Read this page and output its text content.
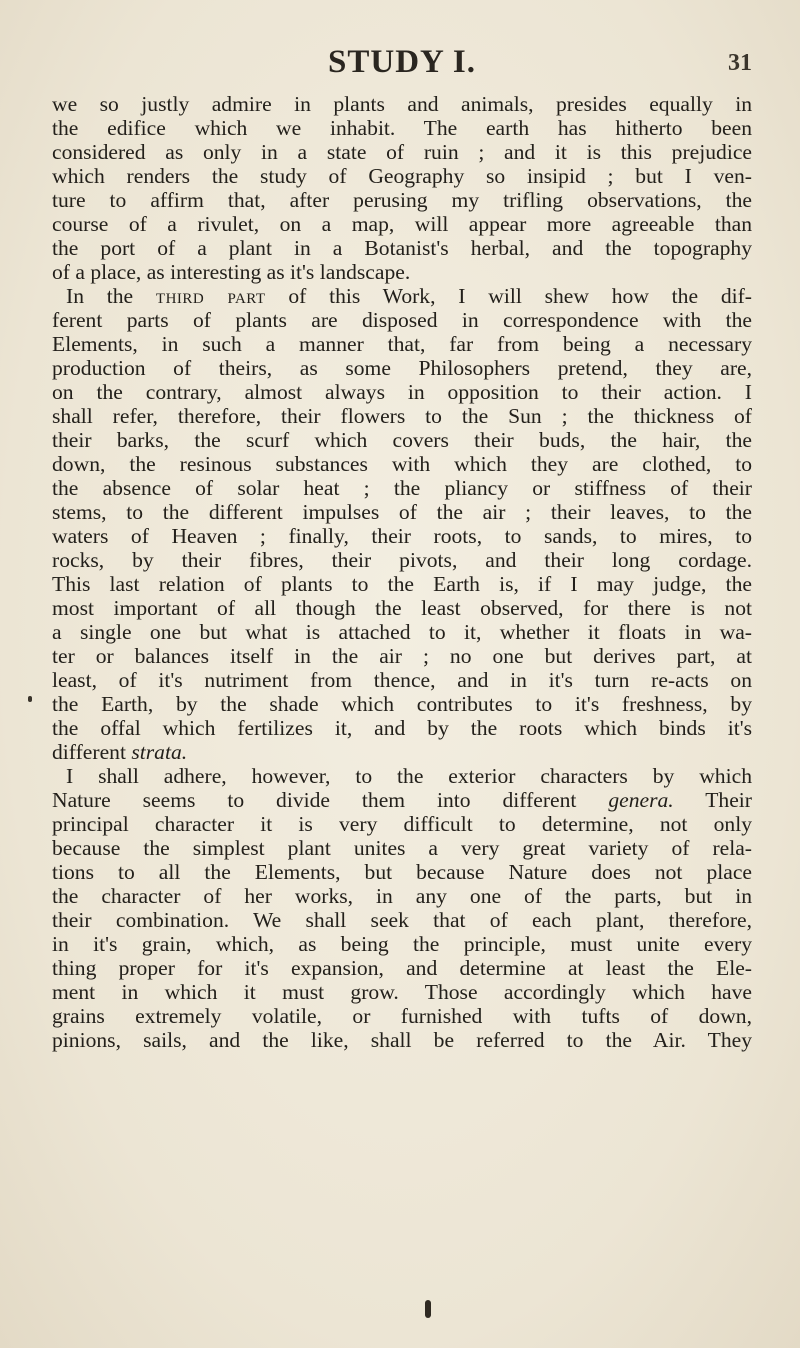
STUDY I.	31
we so justly admire in plants and animals, presides equally in
the edifice which we inhabit. The earth has hitherto been
considered as only in a state of ruin ; and it is this prejudice
which renders the study of Geography so insipid ; but I ven-
ture to affirm that, after perusing my trifling observations, the
course of a rivulet, on a map, will appear more agreeable than
the port of a plant in a Botanist's herbal, and the topography
of a place, as interesting as it's landscape.
In the third part of this Work, I will shew how the dif-
ferent parts of plants are disposed in correspondence with the
Elements, in such a manner that, far from being a necessary
production of theirs, as some Philosophers pretend, they are,
on the contrary, almost always in opposition to their action. I
shall refer, therefore, their flowers to the Sun ; the thickness of
their barks, the scurf which covers their buds, the hair, the
down, the resinous substances with which they are clothed, to
the absence of solar heat ; the pliancy or stiffness of their
stems, to the different impulses of the air ; their leaves, to the
waters of Heaven ; finally, their roots, to sands, to mires, to
rocks, by their fibres, their pivots, and their long cordage.
This last relation of plants to the Earth is, if I may judge, the
most important of all though the least observed, for there is not
a single one but what is attached to it, whether it floats in wa-
ter or balances itself in the air ; no one but derives part, at
least, of it's nutriment from thence, and in it's turn re-acts on
the Earth, by the shade which contributes to it's freshness, by
the offal which fertilizes it, and by the roots which binds it's
different strata.
I shall adhere, however, to the exterior characters by which
Nature seems to divide them into different genera. Their
principal character it is very difficult to determine, not only
because the simplest plant unites a very great variety of rela-
tions to all the Elements, but because Nature does not place
the character of her works, in any one of the parts, but in
their combination. We shall seek that of each plant, therefore,
in it's grain, which, as being the principle, must unite every
thing proper for it's expansion, and determine at least the Ele-
ment in which it must grow. Those accordingly which have
grains extremely volatile, or furnished with tufts of down,
pinions, sails, and the like, shall be referred to the Air. They
